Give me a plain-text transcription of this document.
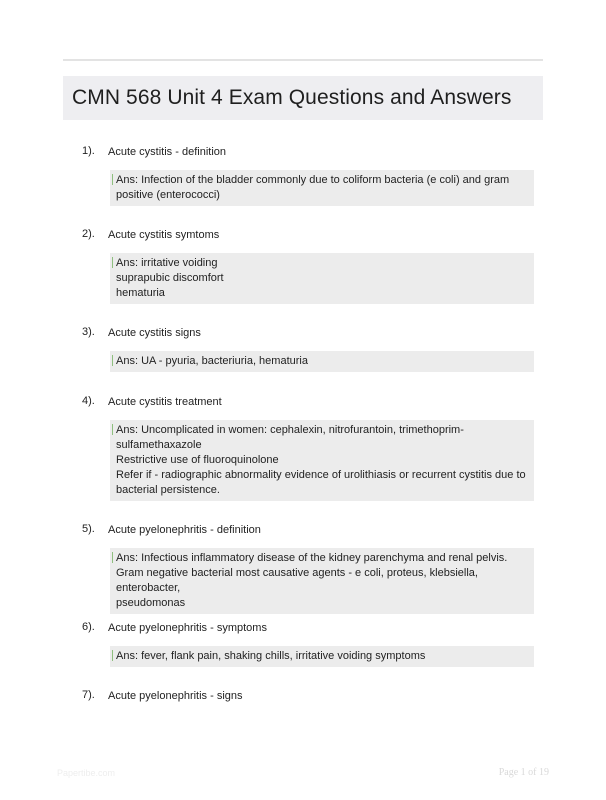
CMN 568 Unit 4 Exam Questions and Answers
1). Acute cystitis - definition
Ans: Infection of the bladder commonly due to coliform bacteria (e coli) and gram
positive (enterococci)
2). Acute cystitis symtoms
Ans: irritative voiding
suprapubic discomfort
hematuria
3). Acute cystitis signs
Ans: UA - pyuria, bacteriuria, hematuria
4). Acute cystitis treatment
Ans: Uncomplicated in women: cephalexin, nitrofurantoin, trimethoprim-
sulfamethaxazole
Restrictive use of fluoroquinolone
Refer if - radiographic abnormality evidence of urolithiasis or recurrent cystitis due to
bacterial persistence.
5). Acute pyelonephritis - definition
Ans: Infectious inflammatory disease of the kidney parenchyma and renal pelvis.
Gram negative bacterial most causative agents - e coli, proteus, klebsiella, enterobacter,
pseudomonas
6). Acute pyelonephritis - symptoms
Ans: fever, flank pain, shaking chills, irritative voiding symptoms
7). Acute pyelonephritis - signs
Papertibe.com	Page 1 of 19
